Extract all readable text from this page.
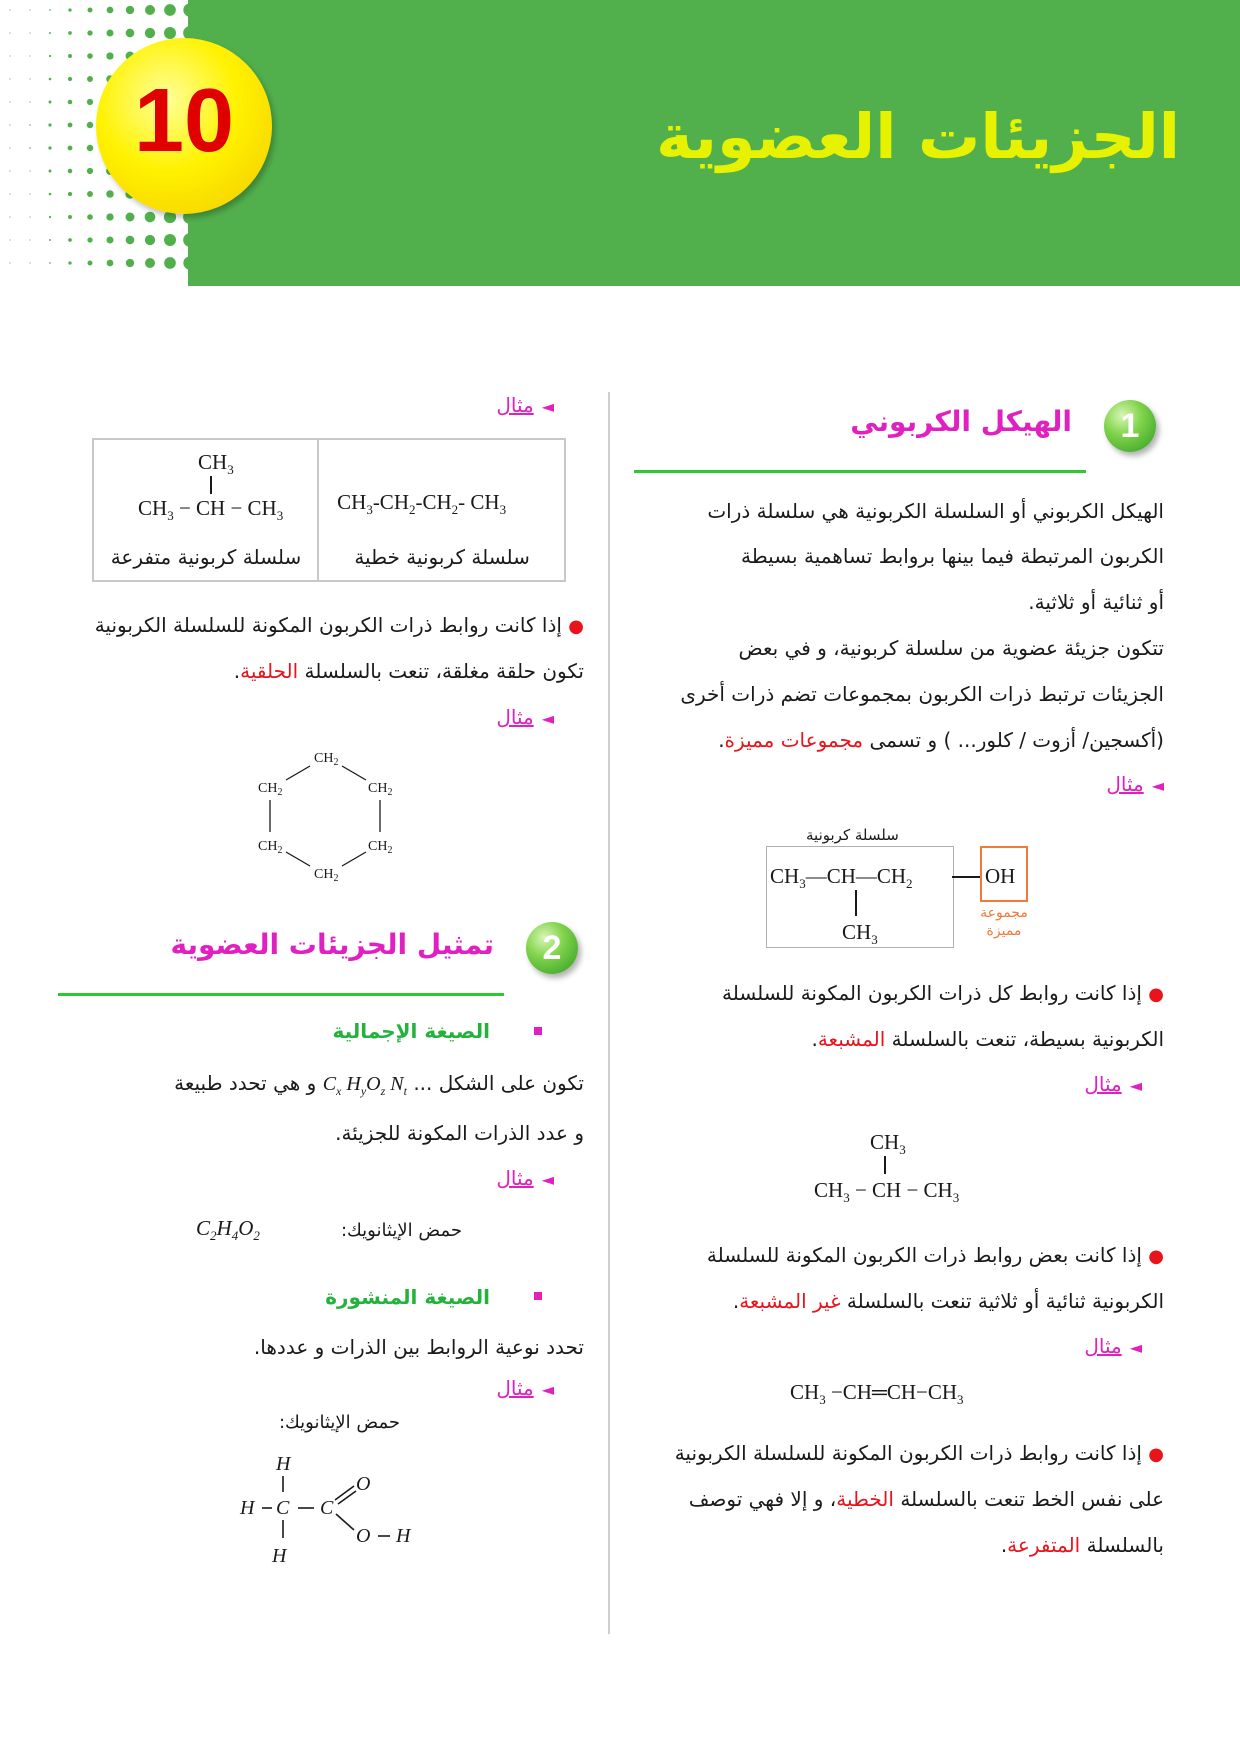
10	الجزيئات العضوية
1
الهيكل الكربوني
الهيكل الكربوني أو السلسلة الكربونية هي سلسلة ذرات
الكربون المرتبطة فيما بينها بروابط تساهمية بسيطة
أو ثنائية أو ثلاثية.
تتكون جزيئة عضوية من سلسلة كربونية، و في بعض
الجزيئات ترتبط ذرات الكربون بمجموعات تضم ذرات أخرى
(أكسجين/ أزوت / كلور... ) و تسمى مجموعات مميزة.
◄مثال
سلسلة كربونية
$CH_3—CH—CH_2$
$CH_3$
OH
مجموعة مميزة
● إذا كانت روابط كل ذرات الكربون المكونة للسلسلة
الكربونية بسيطة، تنعت بالسلسلة المشبعة.
◄مثال
$CH_3$
$CH_3$ − CH − $CH_3$
● إذا كانت بعض روابط ذرات الكربون المكونة للسلسلة
الكربونية ثنائية أو ثلاثية تنعت بالسلسلة غير المشبعة.
◄مثال
$CH_3$ $-CH═CH-CH_3$
● إذا كانت روابط ذرات الكربون المكونة للسلسلة الكربونية
على نفس الخط تنعت بالسلسلة الخطية، و إلا فهي توصف
بالسلسلة المتفرعة.
◄مثال
$CH_3$
$CH_3$ − CH − $CH_3$
سلسلة كربونية متفرعة

$CH_3-CH_2-CH_2-$ $CH_3$
سلسلة كربونية خطية
● إذا كانت روابط ذرات الكربون المكونة للسلسلة الكربونية
تكون حلقة مغلقة، تنعت بالسلسلة الحلقية.
◄مثال
$CH_2$
$CH_2$	$CH_2$
$CH_2$	$CH_2$
$CH_2$
2
تمثيل الجزيئات العضوية
الصيغة الإجمالية
تكون على الشكل ... $C_x$ $H_yO_z$ $N_t$ و هي تحدد طبيعة
و عدد الذرات المكونة للجزيئة.
◄مثال
حمض الإيثانويك:
$C_2H_4O_2$
الصيغة المنشورة
تحدد نوعية الروابط بين الذرات و عددها.
◄مثال
حمض الإيثانويك:
H
H C C
O
O H
H
